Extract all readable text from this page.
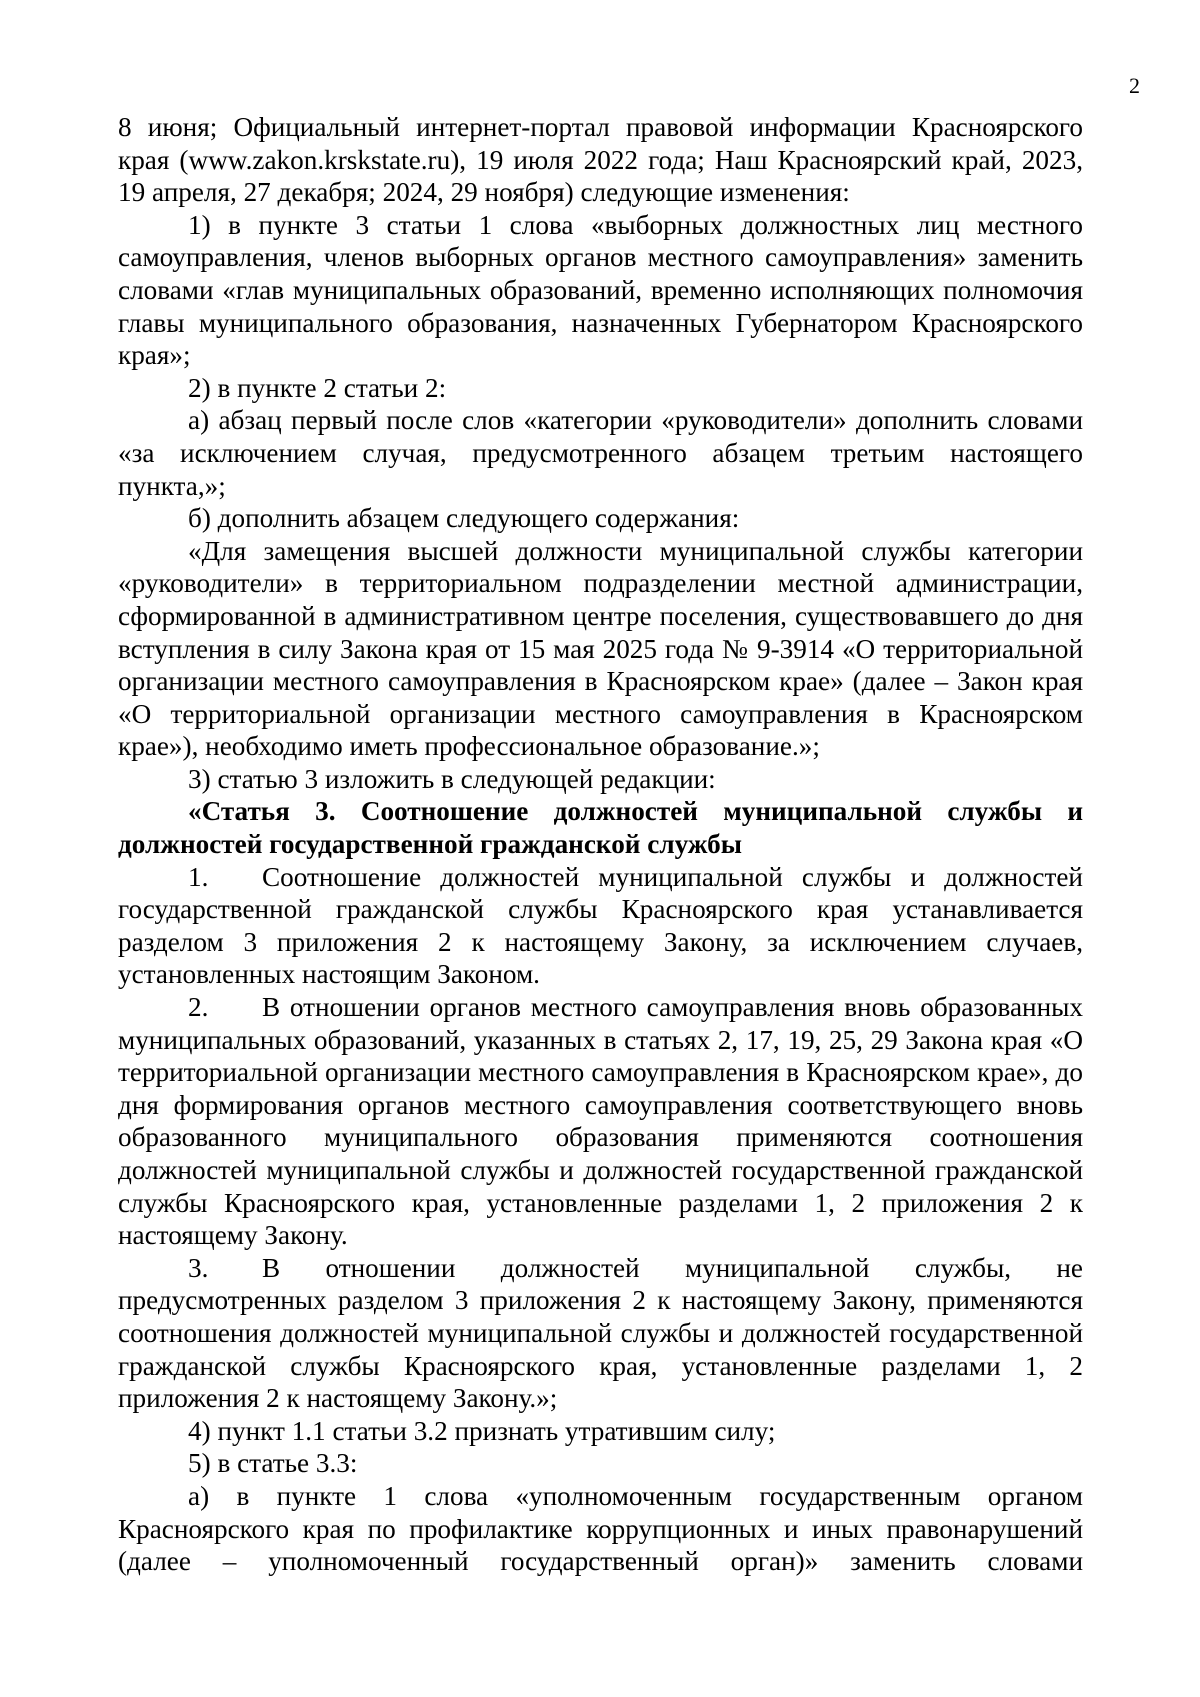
2

8 июня; Официальный интернет-портал правовой информации Красноярского края (www.zakon.krskstate.ru), 19 июля 2022 года; Наш Красноярский край, 2023, 19 апреля, 27 декабря; 2024, 29 ноября) следующие изменения:

1) в пункте 3 статьи 1 слова «выборных должностных лиц местного самоуправления, членов выборных органов местного самоуправления» заменить словами «глав муниципальных образований, временно исполняющих полномочия главы муниципального образования, назначенных Губернатором Красноярского края»;

2) в пункте 2 статьи 2:

а) абзац первый после слов «категории «руководители» дополнить словами «за исключением случая, предусмотренного абзацем третьим настоящего пункта,»;

б) дополнить абзацем следующего содержания:

«Для замещения высшей должности муниципальной службы категории «руководители» в территориальном подразделении местной администрации, сформированной в административном центре поселения, существовавшего до дня вступления в силу Закона края от 15 мая 2025 года № 9-3914 «О территориальной организации местного самоуправления в Красноярском крае» (далее – Закон края «О территориальной организации местного самоуправления в Красноярском крае»), необходимо иметь профессиональное образование.»;

3) статью 3 изложить в следующей редакции:

«Статья 3. Соотношение должностей муниципальной службы и должностей государственной гражданской службы

1. Соотношение должностей муниципальной службы и должностей государственной гражданской службы Красноярского края устанавливается разделом 3 приложения 2 к настоящему Закону, за исключением случаев, установленных настоящим Законом.

2. В отношении органов местного самоуправления вновь образованных муниципальных образований, указанных в статьях 2, 17, 19, 25, 29 Закона края «О территориальной организации местного самоуправления в Красноярском крае», до дня формирования органов местного самоуправления соответствующего вновь образованного муниципального образования применяются соотношения должностей муниципальной службы и должностей государственной гражданской службы Красноярского края, установленные разделами 1, 2 приложения 2 к настоящему Закону.

3. В отношении должностей муниципальной службы, не предусмотренных разделом 3 приложения 2 к настоящему Закону, применяются соотношения должностей муниципальной службы и должностей государственной гражданской службы Красноярского края, установленные разделами 1, 2 приложения 2 к настоящему Закону.»;

4) пункт 1.1 статьи 3.2 признать утратившим силу;

5) в статье 3.3:

а) в пункте 1 слова «уполномоченным государственным органом Красноярского края по профилактике коррупционных и иных правонарушений (далее – уполномоченный государственный орган)» заменить словами
